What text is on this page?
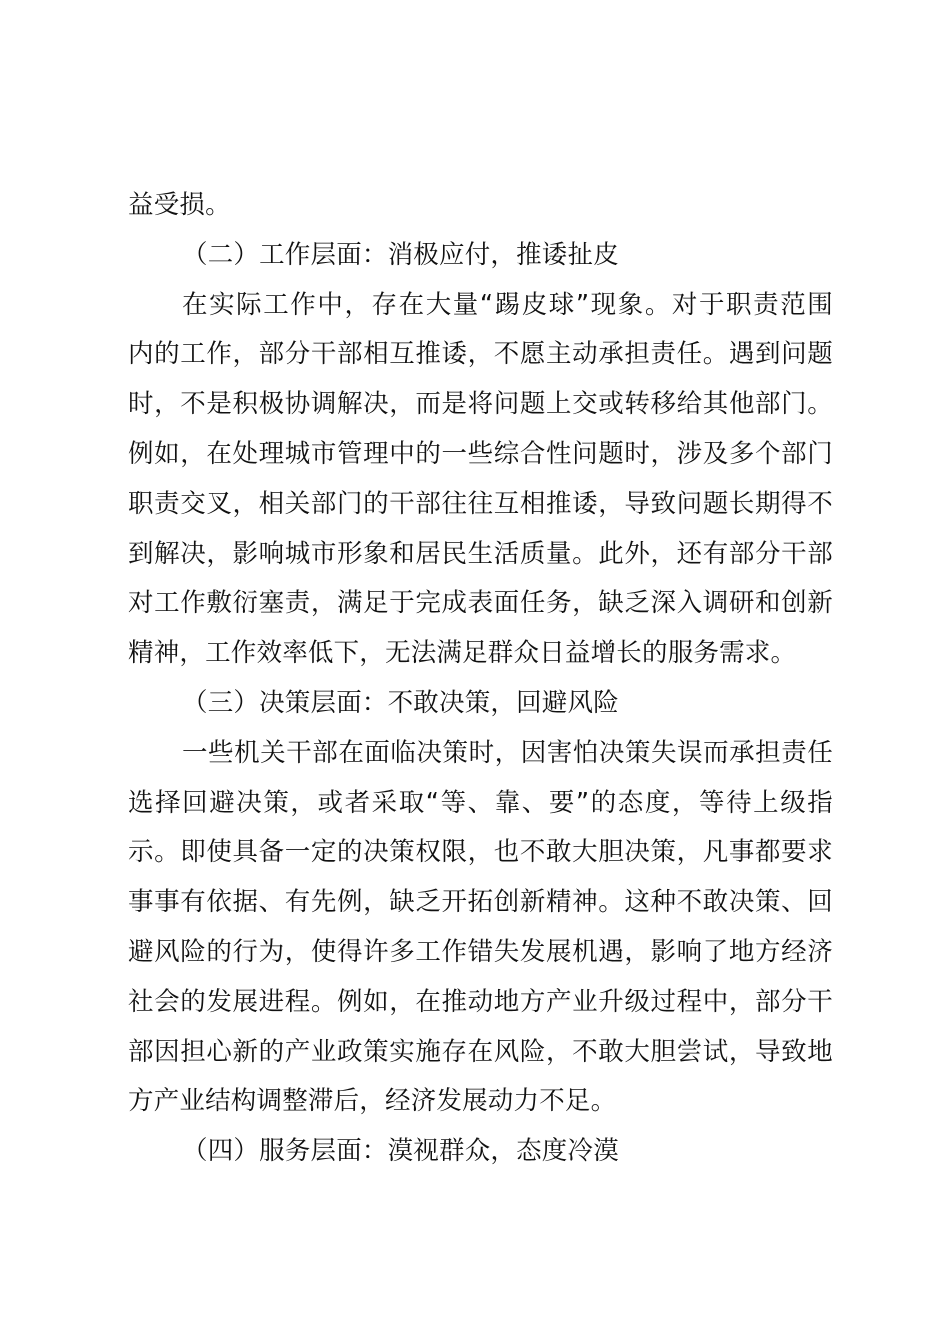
益受损。
（二）工作层面：消极应付，推诿扯皮
在实际工作中，存在大量“踢皮球”现象。对于职责范围
内的工作，部分干部相互推诿，不愿主动承担责任。遇到问题
时，不是积极协调解决，而是将问题上交或转移给其他部门。
例如，在处理城市管理中的一些综合性问题时，涉及多个部门
职责交叉，相关部门的干部往往互相推诿，导致问题长期得不
到解决，影响城市形象和居民生活质量。此外，还有部分干部
对工作敷衍塞责，满足于完成表面任务，缺乏深入调研和创新
精神，工作效率低下，无法满足群众日益增长的服务需求。
（三）决策层面：不敢决策，回避风险
一些机关干部在面临决策时，因害怕决策失误而承担责任
选择回避决策，或者采取“等、靠、要”的态度，等待上级指
示。即使具备一定的决策权限，也不敢大胆决策，凡事都要求
事事有依据、有先例，缺乏开拓创新精神。这种不敢决策、回
避风险的行为，使得许多工作错失发展机遇，影响了地方经济
社会的发展进程。例如，在推动地方产业升级过程中，部分干
部因担心新的产业政策实施存在风险，不敢大胆尝试，导致地
方产业结构调整滞后，经济发展动力不足。
（四）服务层面：漠视群众，态度冷漠
